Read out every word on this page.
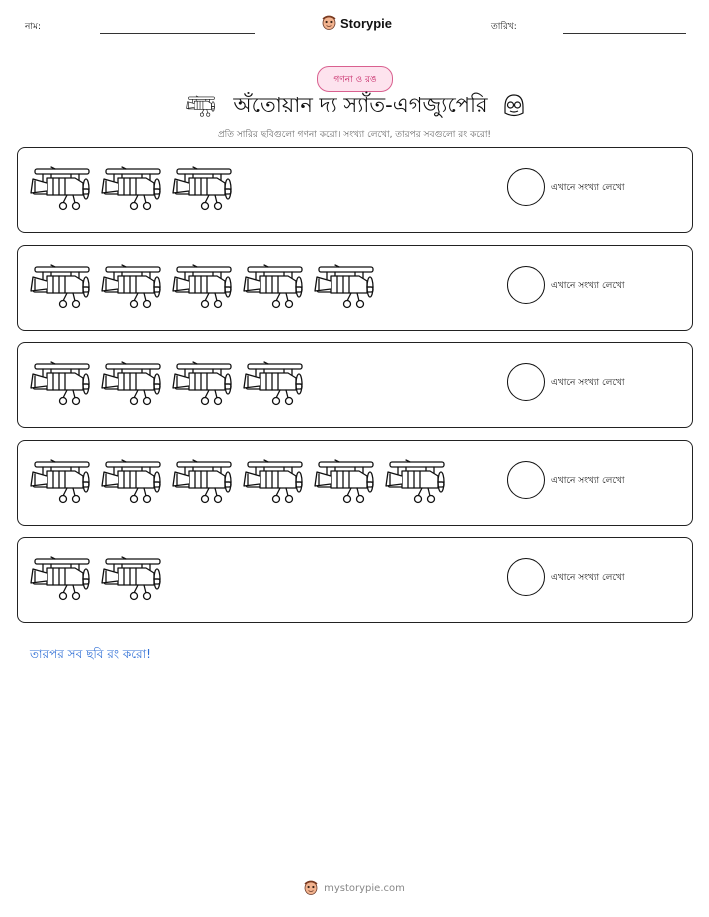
নাম:	Storypie	তারিখ:
গণনা ও রঙ
অঁতোয়ান দ্য স্যাঁত-এগজ্যুপেরি
প্রতি সারির ছবিগুলো গণনা করো। সংখ্যা লেখো, তারপর সবগুলো রং করো!
এখানে সংখ্যা লেখো
এখানে সংখ্যা লেখো
এখানে সংখ্যা লেখো
এখানে সংখ্যা লেখো
এখানে সংখ্যা লেখো
তারপর সব ছবি রং করো!
mystorypie.com
